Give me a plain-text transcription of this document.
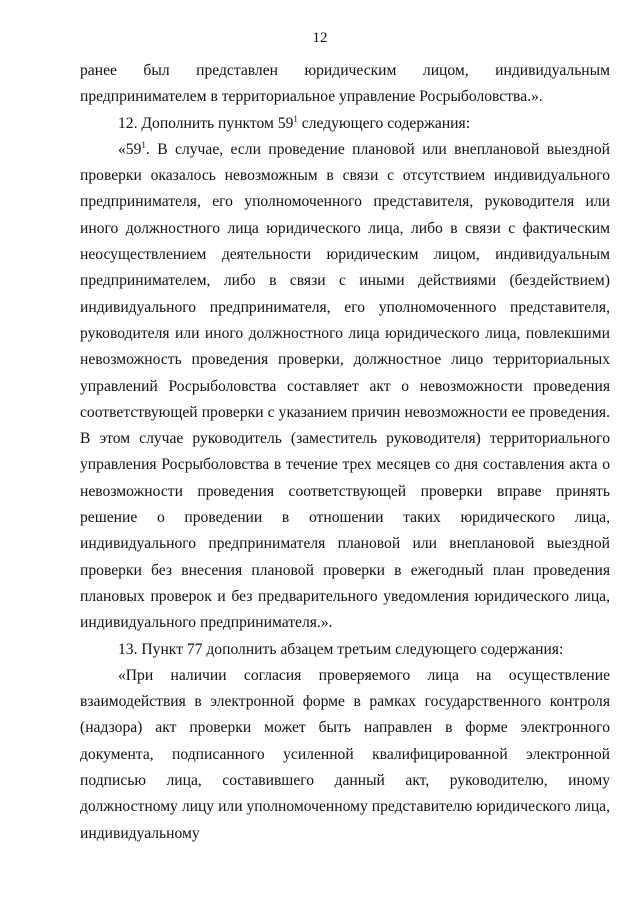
12

ранее был представлен юридическим лицом, индивидуальным предпринимателем в территориальное управление Росрыболовства.».

12. Дополнить пунктом $59^1$ следующего содержания:

«$59^1$. В случае, если проведение плановой или внеплановой выездной проверки оказалось невозможным в связи с отсутствием индивидуального предпринимателя, его уполномоченного представителя, руководителя или иного должностного лица юридического лица, либо в связи с фактическим неосуществлением деятельности юридическим лицом, индивидуальным предпринимателем, либо в связи с иными действиями (бездействием) индивидуального предпринимателя, его уполномоченного представителя, руководителя или иного должностного лица юридического лица, повлекшими невозможность проведения проверки, должностное лицо территориальных управлений Росрыболовства составляет акт о невозможности проведения соответствующей проверки с указанием причин невозможности ее проведения. В этом случае руководитель (заместитель руководителя) территориального управления Росрыболовства в течение трех месяцев со дня составления акта о невозможности проведения соответствующей проверки вправе принять решение о проведении в отношении таких юридического лица, индивидуального предпринимателя плановой или внеплановой выездной проверки без внесения плановой проверки в ежегодный план проведения плановых проверок и без предварительного уведомления юридического лица, индивидуального предпринимателя.».

13. Пункт 77 дополнить абзацем третьим следующего содержания:

«При наличии согласия проверяемого лица на осуществление взаимодействия в электронной форме в рамках государственного контроля (надзора) акт проверки может быть направлен в форме электронного документа, подписанного усиленной квалифицированной электронной подписью лица, составившего данный акт, руководителю, иному должностному лицу или уполномоченному представителю юридического лица, индивидуальному
